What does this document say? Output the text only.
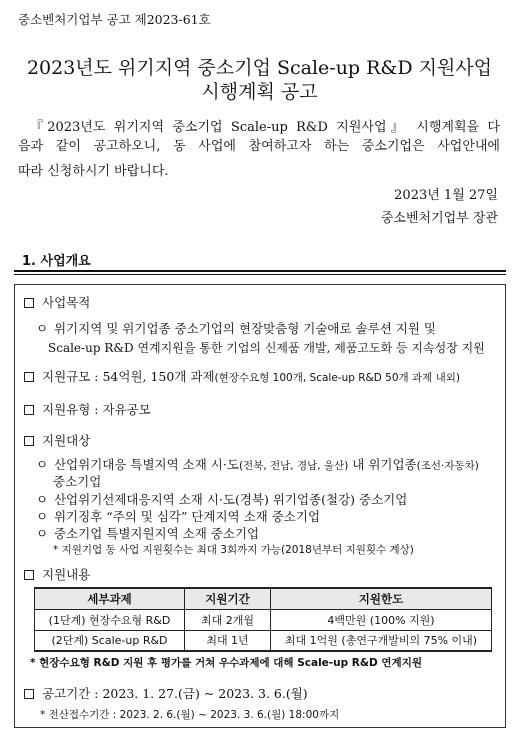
중소벤처기업부 공고 제2023-61호
2023년도 위기지역 중소기업 Scale-up R&D 지원사업
시행계획 공고
『2023년도 위기지역 중소기업 Scale-up R&D 지원사업』 시행계획을 다
음과 같이 공고하오니, 동 사업에 참여하고자 하는 중소기업은 사업안내에
따라 신청하시기 바랍니다.
2023년 1월 27일
중소벤처기업부 장관
1. 사업개요
사업목적
ㅇ 위기지역 및 위기업종 중소기업의 현장맞춤형 기술애로 솔루션 지원 및
Scale-up R&D 연계지원을 통한 기업의 신제품 개발, 제품고도화 등 지속성장 지원
지원규모 : 54억원, 150개 과제(현장수요형 100개, Scale-up R&D 50개 과제 내외)
지원유형 : 자유공모
지원대상
ㅇ 산업위기대응 특별지역 소재 시·도(전북, 전남, 경남, 울산) 내 위기업종(조선·자동차)
중소기업
ㅇ 산업위기선제대응지역 소재 시·도(경북) 위기업종(철강) 중소기업
ㅇ 위기징후 “주의 및 심각” 단계지역 소재 중소기업
ㅇ 중소기업 특별지원지역 소재 중소기업
* 지원기업 동 사업 지원횟수는 최대 3회까지 가능(2018년부터 지원횟수 계상)
지원내용
세부과제	지원기간	지원한도
(1단계) 현장수요형 R&D	최대 2개월	4백만원 (100% 지원)
(2단계) Scale-up R&D	최대 1년	최대 1억원 (총연구개발비의 75% 이내)
* 현장수요형 R&D 지원 후 평가를 거쳐 우수과제에 대해 Scale-up R&D 연계지원
공고기간 : 2023. 1. 27.(금) ~ 2023. 3. 6.(월)
* 전산접수기간 : 2023. 2. 6.(월) ~ 2023. 3. 6.(월) 18:00까지
